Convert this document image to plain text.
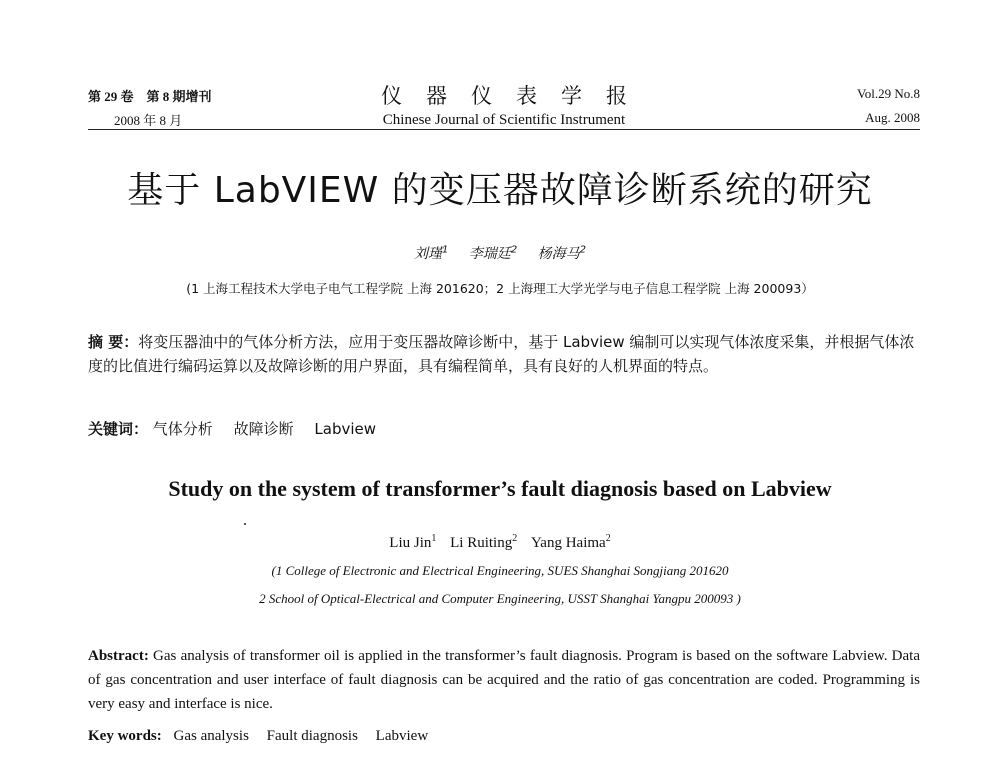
第 29 卷　第 8 期增刊	仪器仪表学报	Vol.29 No.8
2008 年 8 月	Chinese Journal of Scientific Instrument	Aug. 2008
基于 LabVIEW 的变压器故障诊断系统的研究
刘瑾$^1$ 李瑞廷$^2$ 杨海马$^2$
(1 上海工程技术大学电子电气工程学院 上海 201620；2 上海理工大学光学与电子信息工程学院 上海 200093）
摘 要：将变压器油中的气体分析方法，应用于变压器故障诊断中，基于 Labview 编制可以实现气体浓度采集，并根据气体浓度的比值进行编码运算以及故障诊断的用户界面，具有编程简单，具有良好的人机界面的特点。
关键词： 气体分析 故障诊断 Labview
Study on the system of transformer’s fault diagnosis based on Labview
Liu Jin$^1$ Li Ruiting$^2$ Yang Haima$^2$
(1 College of Electronic and Electrical Engineering, SUES Shanghai Songjiang 201620
2 School of Optical-Electrical and Computer Engineering, USST Shanghai Yangpu 200093 )
Abstract: Gas analysis of transformer oil is applied in the transformer’s fault diagnosis. Program is based on the software Labview. Data of gas concentration and user interface of fault diagnosis can be acquired and the ratio of gas concentration are coded. Programming is very easy and interface is nice.
Key words: Gas analysis Fault diagnosis Labview
